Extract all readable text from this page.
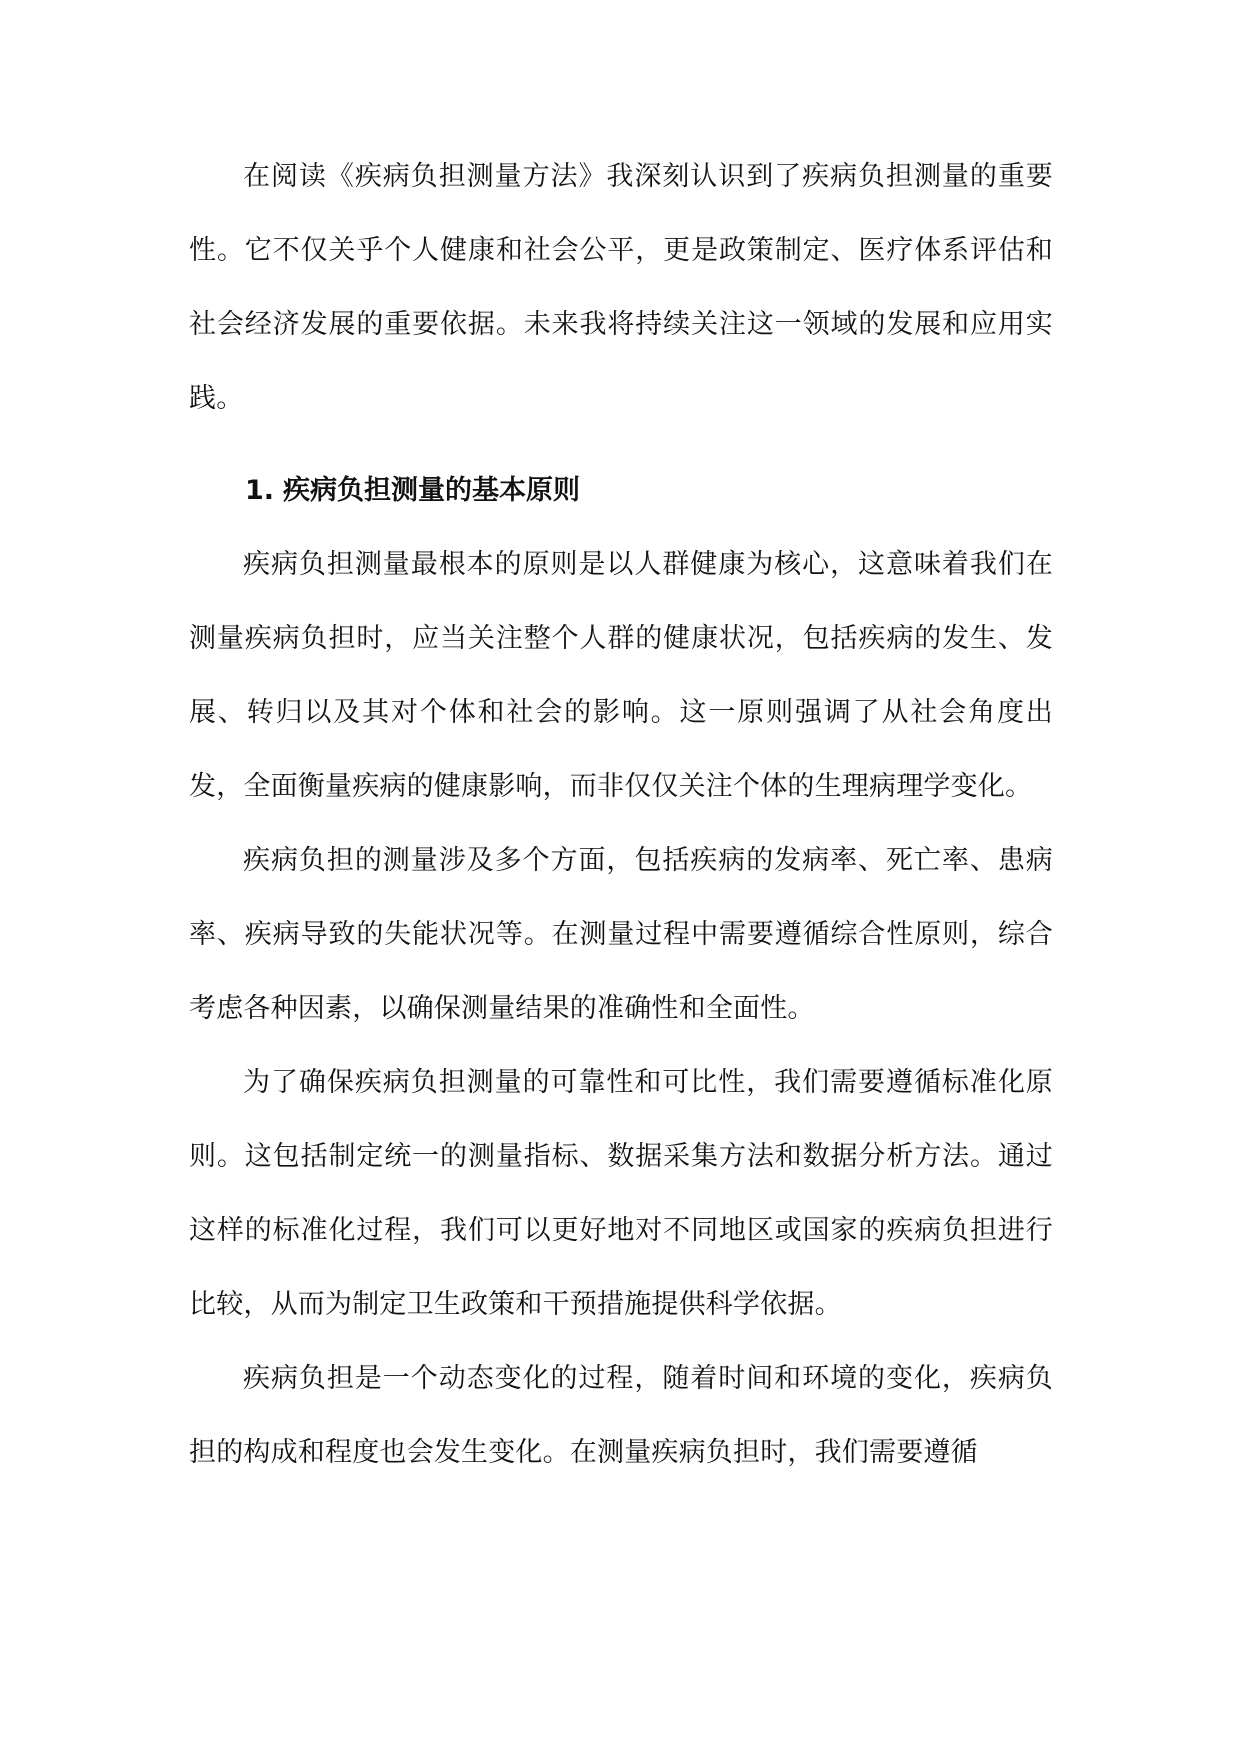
在阅读《疾病负担测量方法》我深刻认识到了疾病负担测量的重要性。它不仅关乎个人健康和社会公平，更是政策制定、医疗体系评估和社会经济发展的重要依据。未来我将持续关注这一领域的发展和应用实践。

1. 疾病负担测量的基本原则

疾病负担测量最根本的原则是以人群健康为核心，这意味着我们在测量疾病负担时，应当关注整个人群的健康状况，包括疾病的发生、发展、转归以及其对个体和社会的影响。这一原则强调了从社会角度出发，全面衡量疾病的健康影响，而非仅仅关注个体的生理病理学变化。

疾病负担的测量涉及多个方面，包括疾病的发病率、死亡率、患病率、疾病导致的失能状况等。在测量过程中需要遵循综合性原则，综合考虑各种因素，以确保测量结果的准确性和全面性。

为了确保疾病负担测量的可靠性和可比性，我们需要遵循标准化原则。这包括制定统一的测量指标、数据采集方法和数据分析方法。通过这样的标准化过程，我们可以更好地对不同地区或国家的疾病负担进行比较，从而为制定卫生政策和干预措施提供科学依据。

疾病负担是一个动态变化的过程，随着时间和环境的变化，疾病负担的构成和程度也会发生变化。在测量疾病负担时，我们需要遵循
